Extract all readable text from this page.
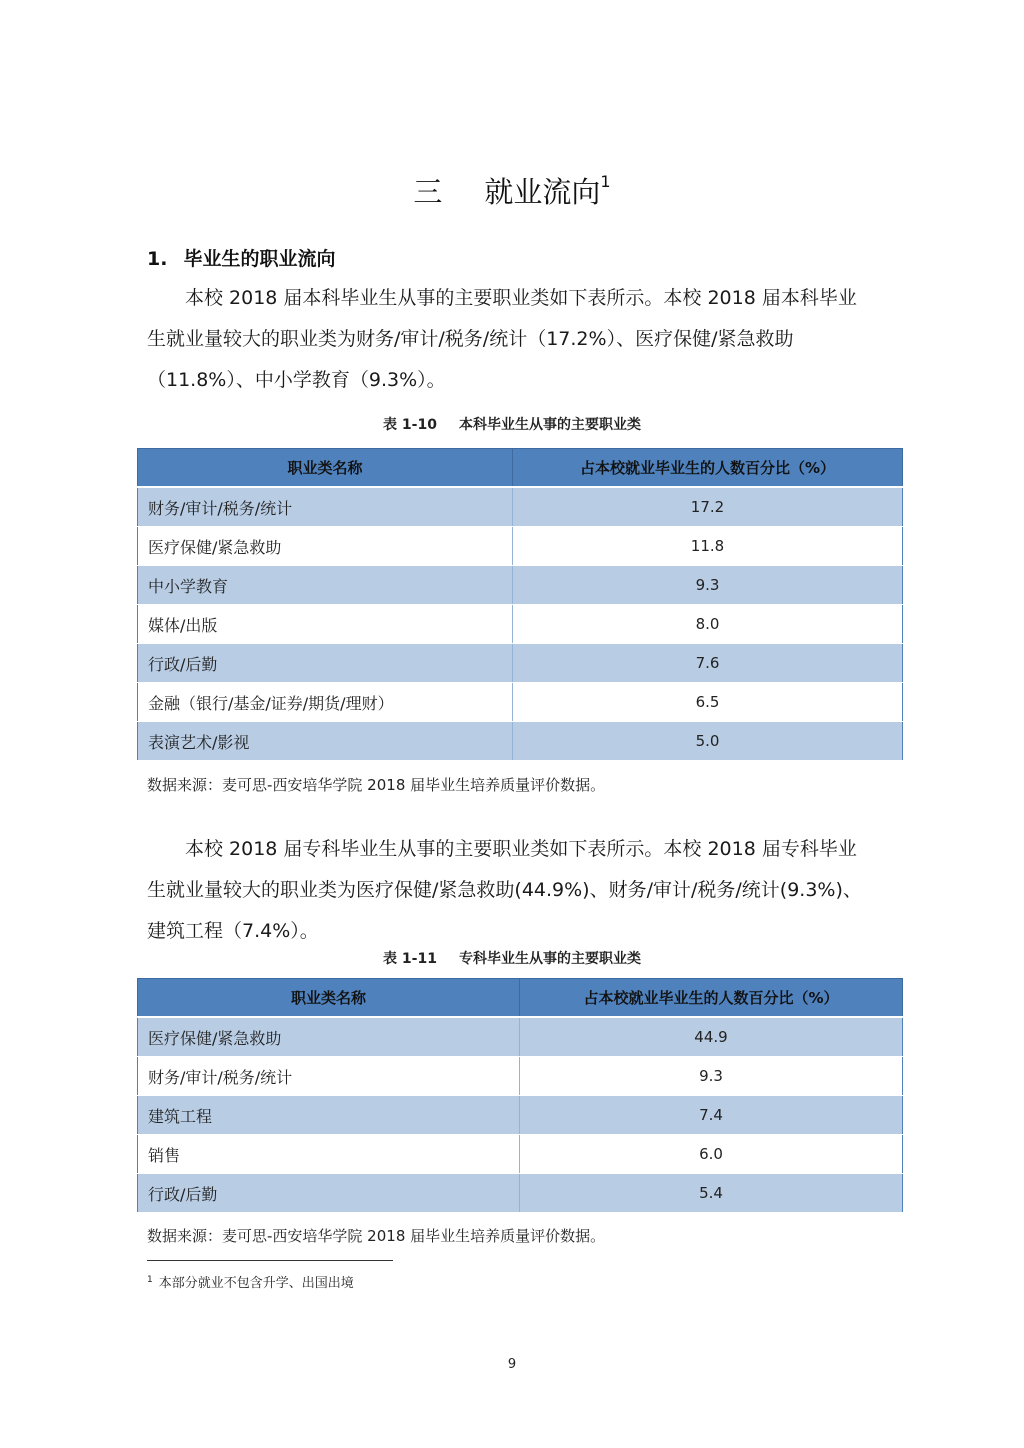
三 就业流向$^1$
1. 毕业生的职业流向
本校 2018 届本科毕业生从事的主要职业类如下表所示。本校 2018 届本科毕业
生就业量较大的职业类为财务/审计/税务/统计（17.2%）、医疗保健/紧急救助
（11.8%）、中小学教育（9.3%）。
表 1-10 本科毕业生从事的主要职业类
职业类名称	占本校就业毕业生的人数百分比（%）
财务/审计/税务/统计	17.2
医疗保健/紧急救助	11.8
中小学教育	9.3
媒体/出版	8.0
行政/后勤	7.6
金融（银行/基金/证券/期货/理财）	6.5
表演艺术/影视	5.0
数据来源：麦可思-西安培华学院 2018 届毕业生培养质量评价数据。
本校 2018 届专科毕业生从事的主要职业类如下表所示。本校 2018 届专科毕业
生就业量较大的职业类为医疗保健/紧急救助(44.9%)、财务/审计/税务/统计(9.3%)、
建筑工程（7.4%）。
表 1-11 专科毕业生从事的主要职业类
职业类名称	占本校就业毕业生的人数百分比（%）
医疗保健/紧急救助	44.9
财务/审计/税务/统计	9.3
建筑工程	7.4
销售	6.0
行政/后勤	5.4
数据来源：麦可思-西安培华学院 2018 届毕业生培养质量评价数据。
$^1$ 本部分就业不包含升学、出国出境
9
